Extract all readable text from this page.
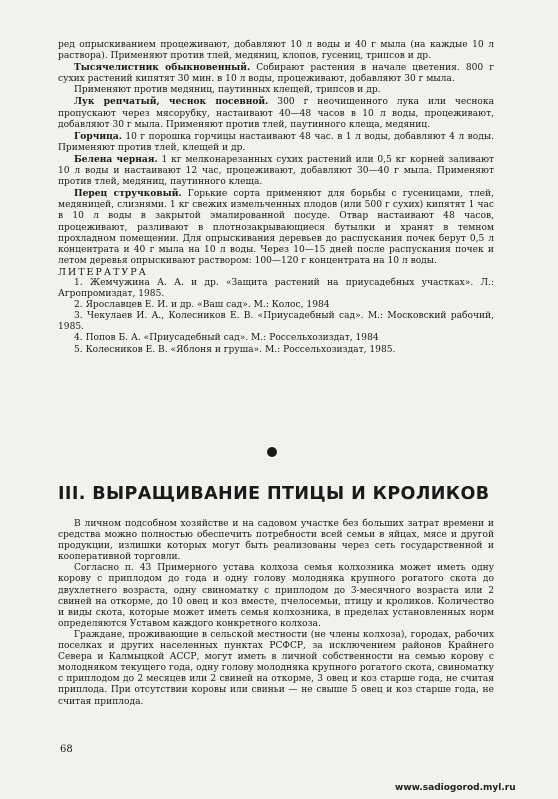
ред опрыскиванием процеживают, добавляют 10 л воды и 40 г мыла (на каждые 10 л раствора). Применяют против тлей, медяниц, клопов, гусениц, трипсов и др.

Тысячелистник обыкновенный. Собирают растения в начале цветения. 800 г сухих растений кипятят 30 мин. в 10 л воды, процеживают, добавляют 30 г мыла.

Применяют против медяниц, паутинных клещей, трипсов и др.

Лук репчатый, чеснок посевной. 300 г неочищенного лука или чеснока пропускают через мясорубку, настаивают 40—48 часов в 10 л воды, процеживают, добавляют 30 г мыла. Применяют против тлей, паутинного клеща, медяниц.

Горчица. 10 г порошка горчицы настаивают 48 час. в 1 л воды, добавляют 4 л воды. Применяют против тлей, клещей и др.

Белена черная. 1 кг мелконарезанных сухих растений или 0,5 кг корней заливают 10 л воды и настаивают 12 час, процеживают, добавляют 30—40 г мыла. Применяют против тлей, медяниц, паутинного клеща.

Перец стручковый. Горькие сорта применяют для борьбы с гусеницами, тлей, медяницей, слизнями. 1 кг свежих измельченных плодов (или 500 г сухих) кипятят 1 час в 10 л воды в закрытой эмалированной посуде. Отвар настаивают 48 часов, процеживают, разливают в плотнозакрывающиеся бутылки и хранят в темном прохладном помещении. Для опрыскивания деревьев до распускания почек берут 0,5 л концентрата и 40 г мыла на 10 л воды. Через 10—15 дней после распускания почек и летом деревья опрыскивают раствором: 100—120 г концентрата на 10 л воды.

ЛИТЕРАТУРА

1. Жемчужина А. А. и др. «Защита растений на приусадебных участках». Л.: Агропромиздат, 1985.

2. Ярославцев Е. И. и др. «Ваш сад». М.: Колос, 1984

3. Чекулаев И. А., Колесников Е. В. «Приусадебный сад». М.: Московский рабочий, 1985.

4. Попов Б. А. «Приусадебный сад». М.: Россельхозиздат, 1984

5. Колесников Е. В. «Яблоня и груша». М.: Россельхозиздат, 1985.

III. ВЫРАЩИВАНИЕ ПТИЦЫ И КРОЛИКОВ

В личном подсобном хозяйстве и на садовом участке без больших затрат времени и средства можно полностью обеспечить потребности всей семьи в яйцах, мясе и другой продукции, излишки которых могут быть реализованы через сеть государственной и кооперативной торговли.

Согласно п. 43 Примерного устава колхоза семья колхозника может иметь одну корову с приплодом до года и одну голову молодняка крупного рогатого скота до двухлетнего возраста, одну свиноматку с приплодом до 3-месячного возраста или 2 свиней на откорме, до 10 овец и коз вместе, пчелосемьи, птицу и кроликов. Количество и виды скота, которые может иметь семья колхозника, в пределах установленных норм определяются Уставом каждого конкретного колхоза.

Граждане, проживающие в сельской местности (не члены колхоза), городах, рабочих поселках и других населенных пунктах РСФСР, за исключением районов Крайнего Севера и Калмыцкой АССР, могут иметь в личной собственности на семью корову с молодняком текущего года, одну голову молодняка крупного рогатого скота, свиноматку с приплодом до 2 месяцев или 2 свиней на откорме, 3 овец и коз старше года, не считая приплода. При отсутствии коровы или свиньи — не свыше 5 овец и коз старше года, не считая приплода.

68
www.sadiogorod.myl.ru
